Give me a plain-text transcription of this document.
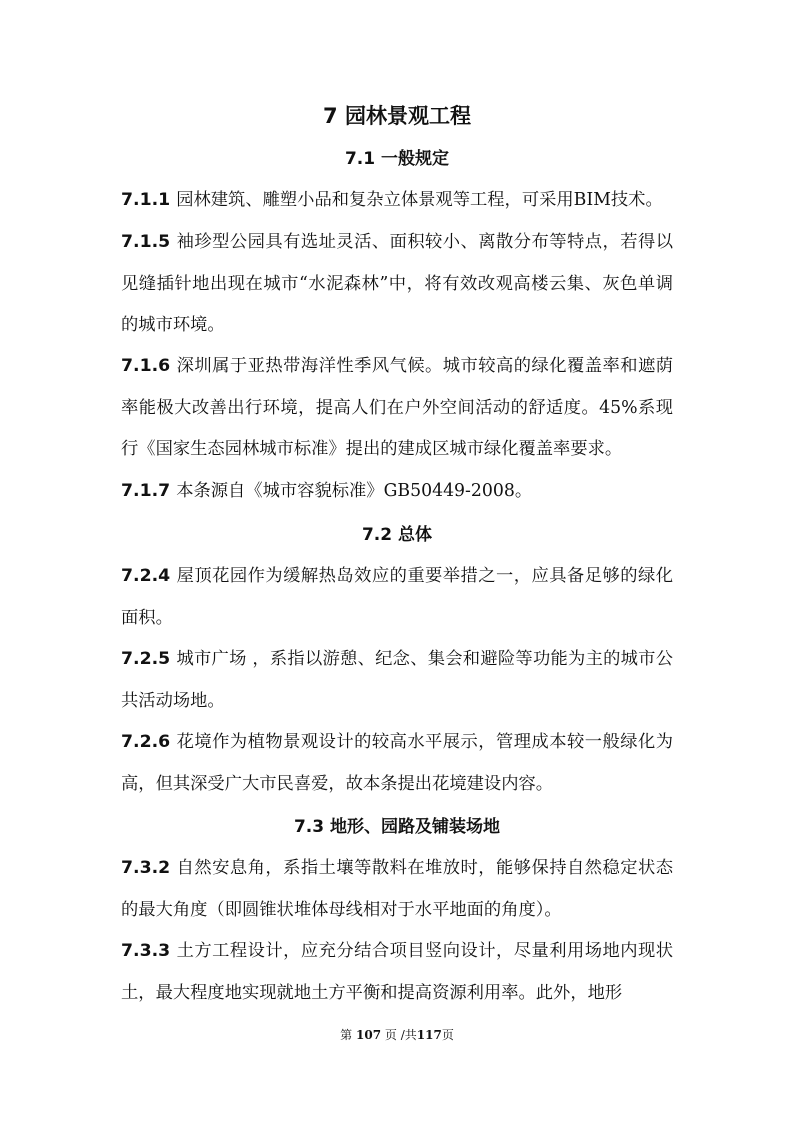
7 园林景观工程
7.1 一般规定
7.1.1 园林建筑、雕塑小品和复杂立体景观等工程，可采用BIM技术。
7.1.5 袖珍型公园具有选址灵活、面积较小、离散分布等特点，若得以见缝插针地出现在城市“水泥森林”中，将有效改观高楼云集、灰色单调的城市环境。
7.1.6 深圳属于亚热带海洋性季风气候。城市较高的绿化覆盖率和遮荫率能极大改善出行环境，提高人们在户外空间活动的舒适度。45%系现行《国家生态园林城市标准》提出的建成区城市绿化覆盖率要求。
7.1.7 本条源自《城市容貌标准》GB50449-2008。
7.2 总体
7.2.4 屋顶花园作为缓解热岛效应的重要举措之一，应具备足够的绿化面积。
7.2.5 城市广场 ，系指以游憩、纪念、集会和避险等功能为主的城市公共活动场地。
7.2.6 花境作为植物景观设计的较高水平展示，管理成本较一般绿化为高，但其深受广大市民喜爱，故本条提出花境建设内容。
7.3 地形、园路及铺装场地
7.3.2 自然安息角，系指土壤等散料在堆放时，能够保持自然稳定状态的最大角度（即圆锥状堆体母线相对于水平地面的角度）。
7.3.3 土方工程设计，应充分结合项目竖向设计，尽量利用场地内现状土，最大程度地实现就地土方平衡和提高资源利用率。此外，地形
第 107 页 /共117页
